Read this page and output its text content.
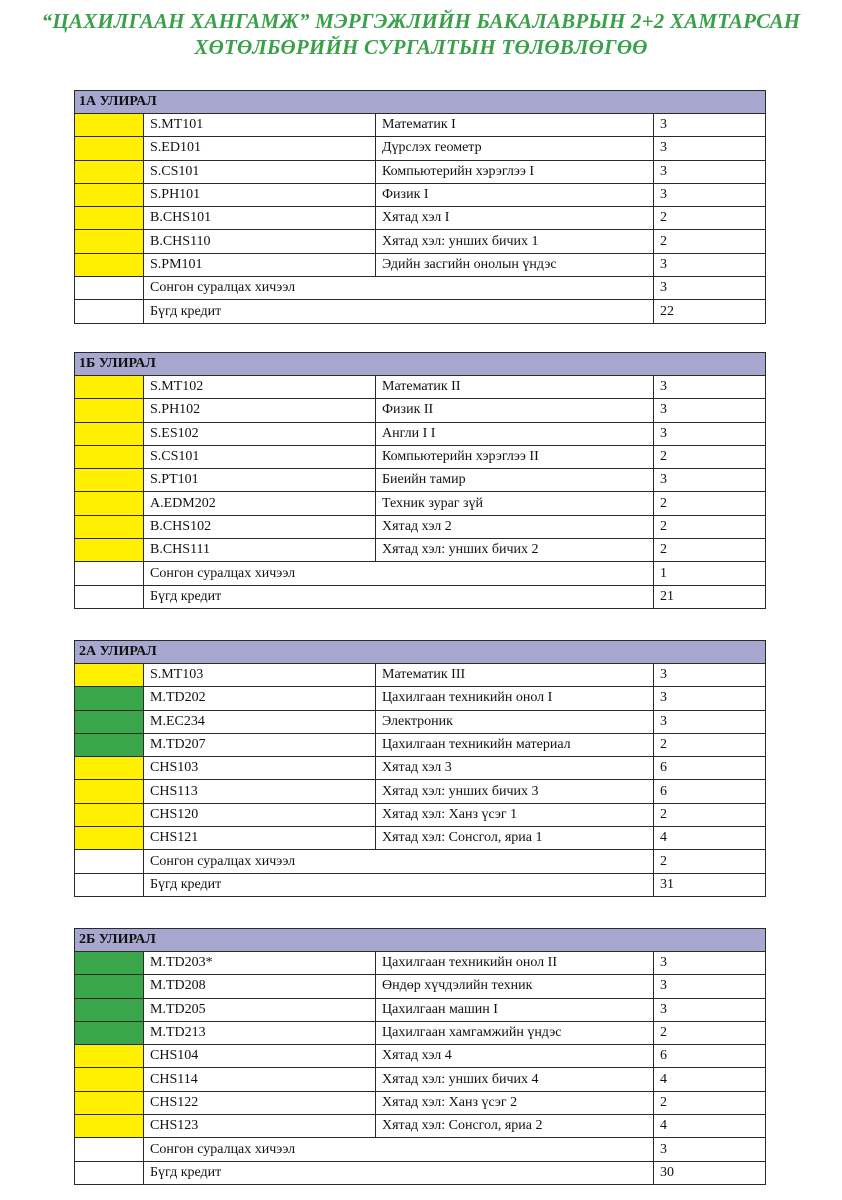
“ЦАХИЛГААН ХАНГАМЖ” МЭРГЭЖЛИЙН БАКАЛАВРЫН 2+2 ХАМТАРСАН
ХӨТӨЛБӨРИЙН СУРГАЛТЫН ТӨЛӨВЛӨГӨӨ
1А УЛИРАЛ			
	S.MT101	Математик I	3
	S.ED101	Дүрслэх геометр	3
	S.CS101	Компьютерийн хэрэглээ I	3
	S.PH101	Физик I	3
	B.CHS101	Хятад хэл I	2
	B.CHS110	Хятад хэл: унших бичих 1	2
	S.PM101	Эдийн засгийн онолын үндэс	3
	Сонгон суралцах хичээл		3
	Бүгд кредит		22
1Б УЛИРАЛ			
	S.MT102	Математик II	3
	S.PH102	Физик II	3
	S.ES102	Англи I I	3
	S.CS101	Компьютерийн хэрэглээ II	2
	S.PT101	Биеийн тамир	3
	A.EDM202	Техник зураг зүй	2
	B.CHS102	Хятад хэл 2	2
	B.CHS111	Хятад хэл: унших бичих 2	2
	Сонгон суралцах хичээл		1
	Бүгд кредит		21
2А УЛИРАЛ			
	S.MT103	Математик III	3
	M.TD202	Цахилгаан техникийн онол I	3
	M.EC234	Электроник	3
	M.TD207	Цахилгаан техникийн материал	2
	CHS103	Хятад хэл 3	6
	CHS113	Хятад хэл: унших бичих 3	6
	CHS120	Хятад хэл: Ханз үсэг 1	2
	CHS121	Хятад хэл: Сонсгол, яриа 1	4
	Сонгон суралцах хичээл		2
	Бүгд кредит		31
2Б УЛИРАЛ			
	M.TD203*	Цахилгаан техникийн онол II	3
	M.TD208	Өндөр хүчдэлийн техник	3
	M.TD205	Цахилгаан машин I	3
	M.TD213	Цахилгаан хамгамжийн үндэс	2
	CHS104	Хятад хэл 4	6
	CHS114	Хятад хэл: унших бичих 4	4
	CHS122	Хятад хэл: Ханз үсэг 2	2
	CHS123	Хятад хэл: Сонсгол, яриа 2	4
	Сонгон суралцах хичээл		3
	Бүгд кредит		30
